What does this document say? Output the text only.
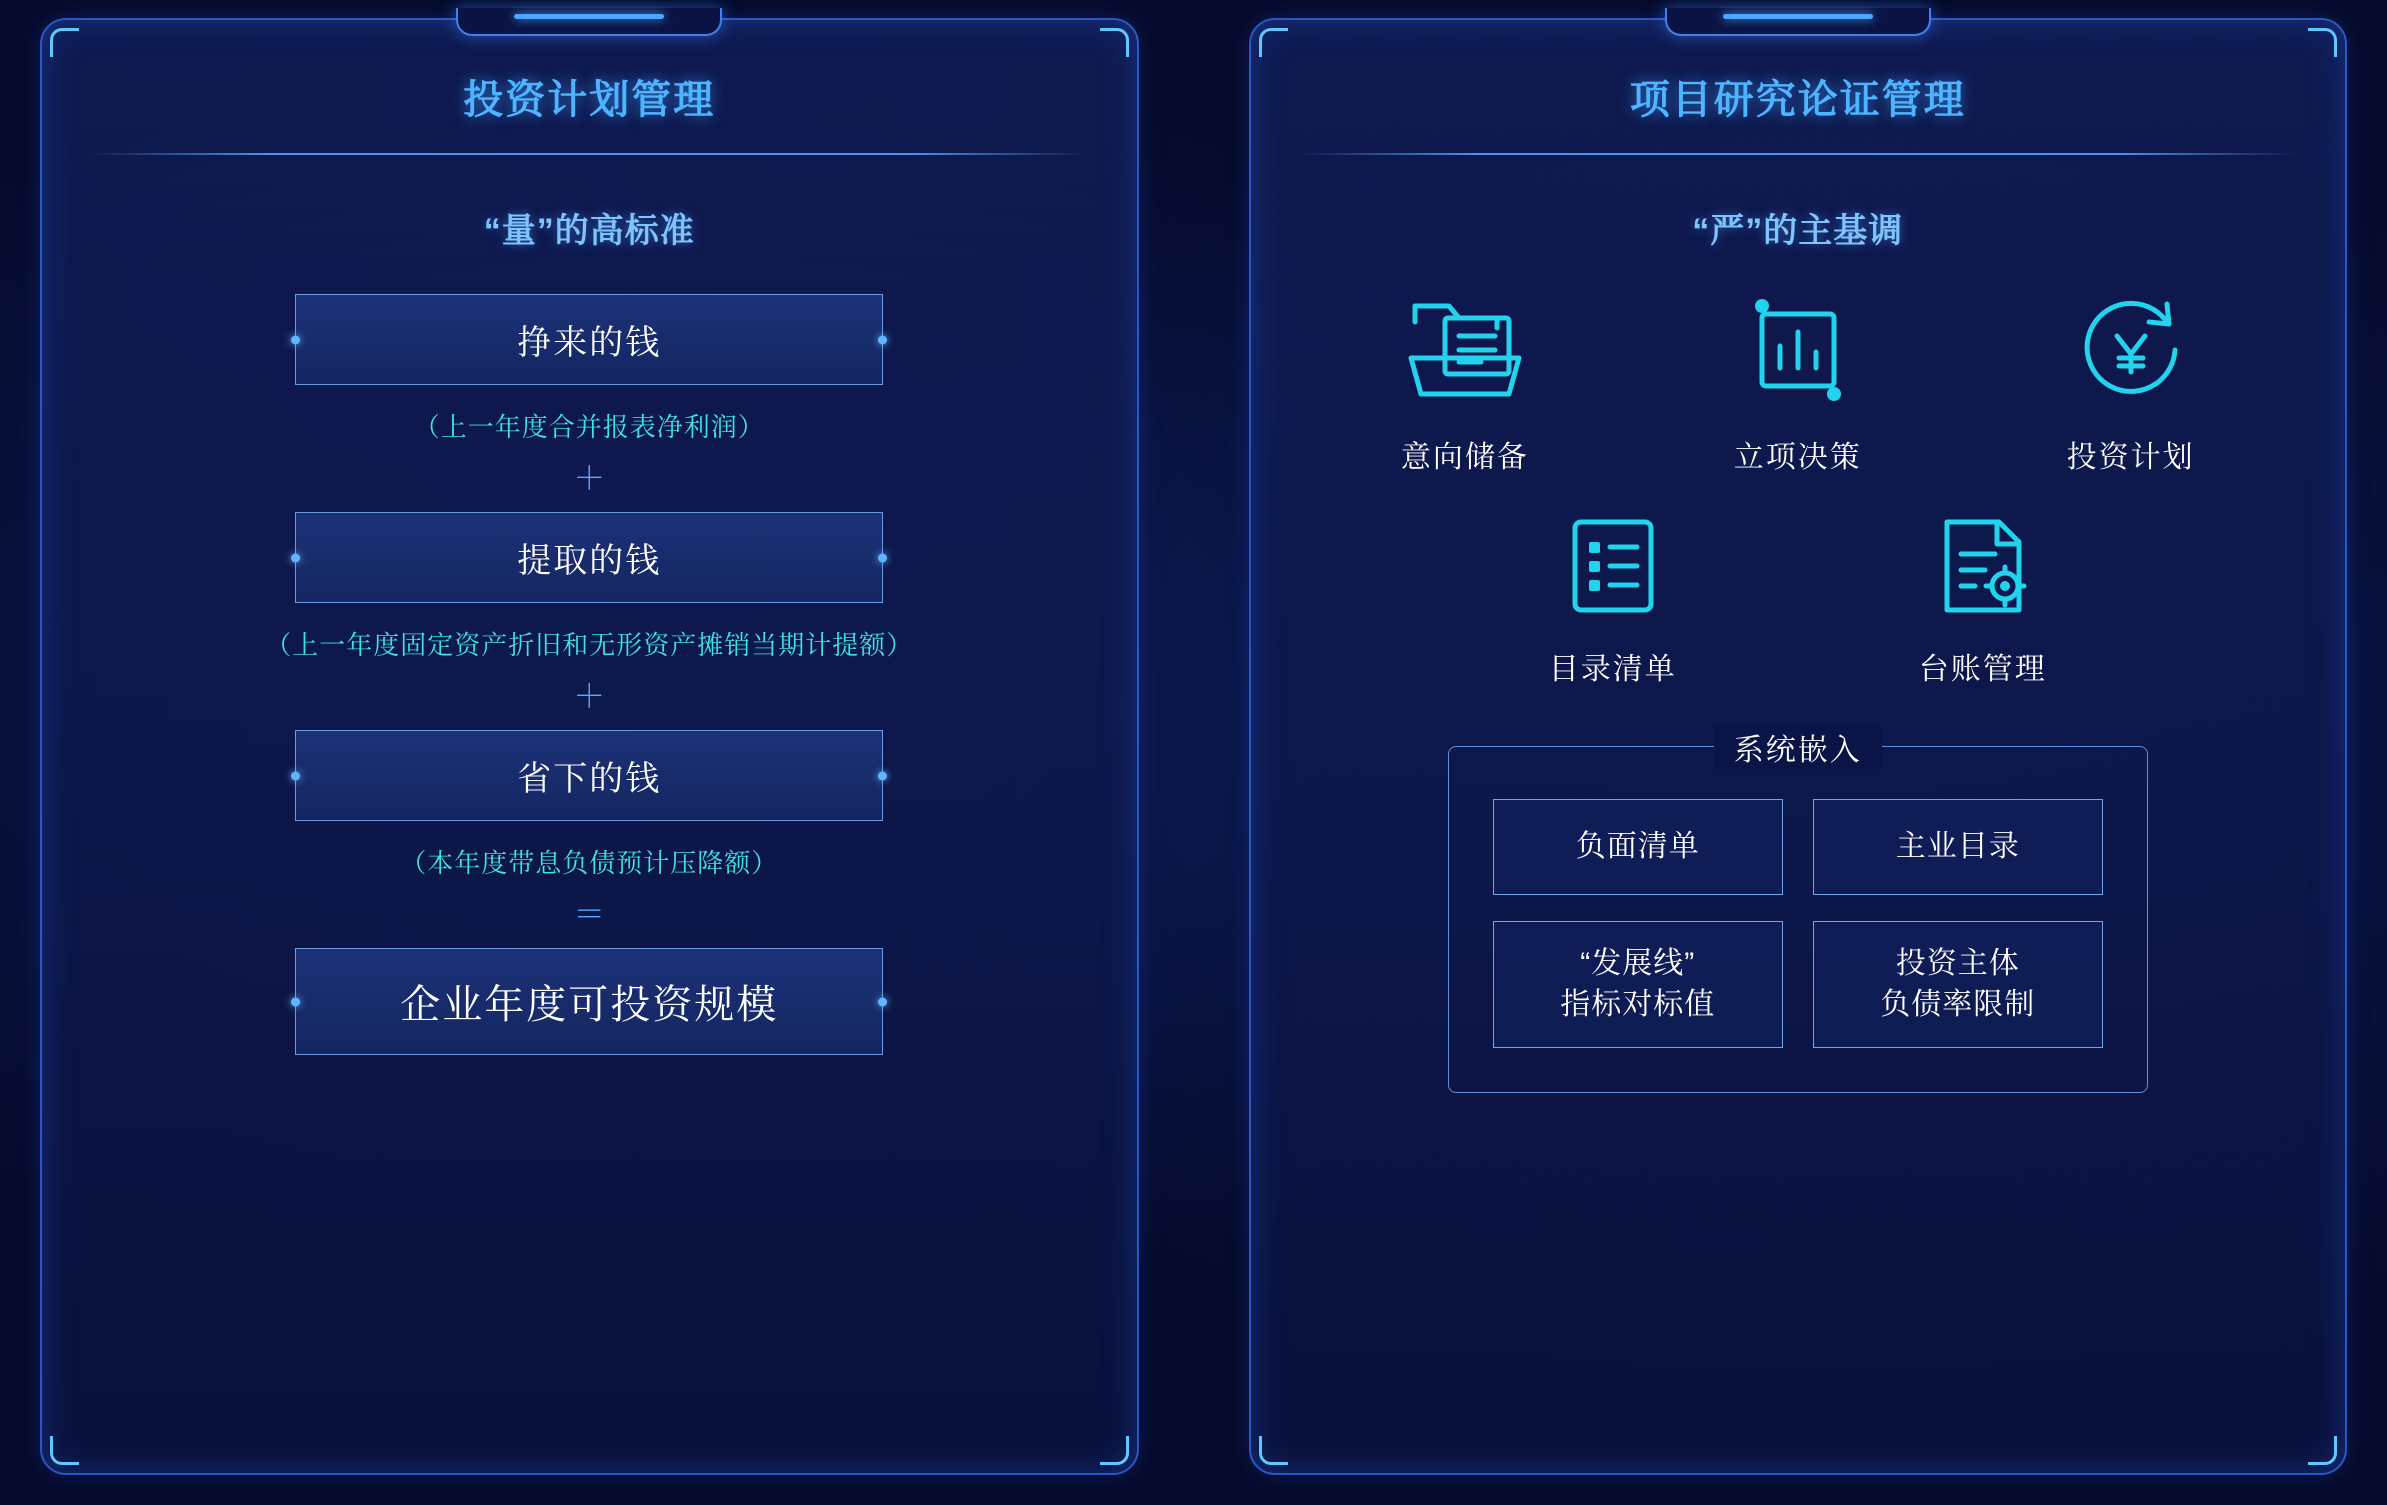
投资计划管理
“量”的高标准
挣来的钱
（上一年度合并报表净利润）
＋
提取的钱
（上一年度固定资产折旧和无形资产摊销当期计提额）
＋
省下的钱
（本年度带息负债预计压降额）
＝
企业年度可投资规模
项目研究论证管理
“严”的主基调
意向储备	立项决策	投资计划
目录清单	台账管理
系统嵌入
负面清单	主业目录
“发展线”
指标对标值
投资主体
负债率限制
